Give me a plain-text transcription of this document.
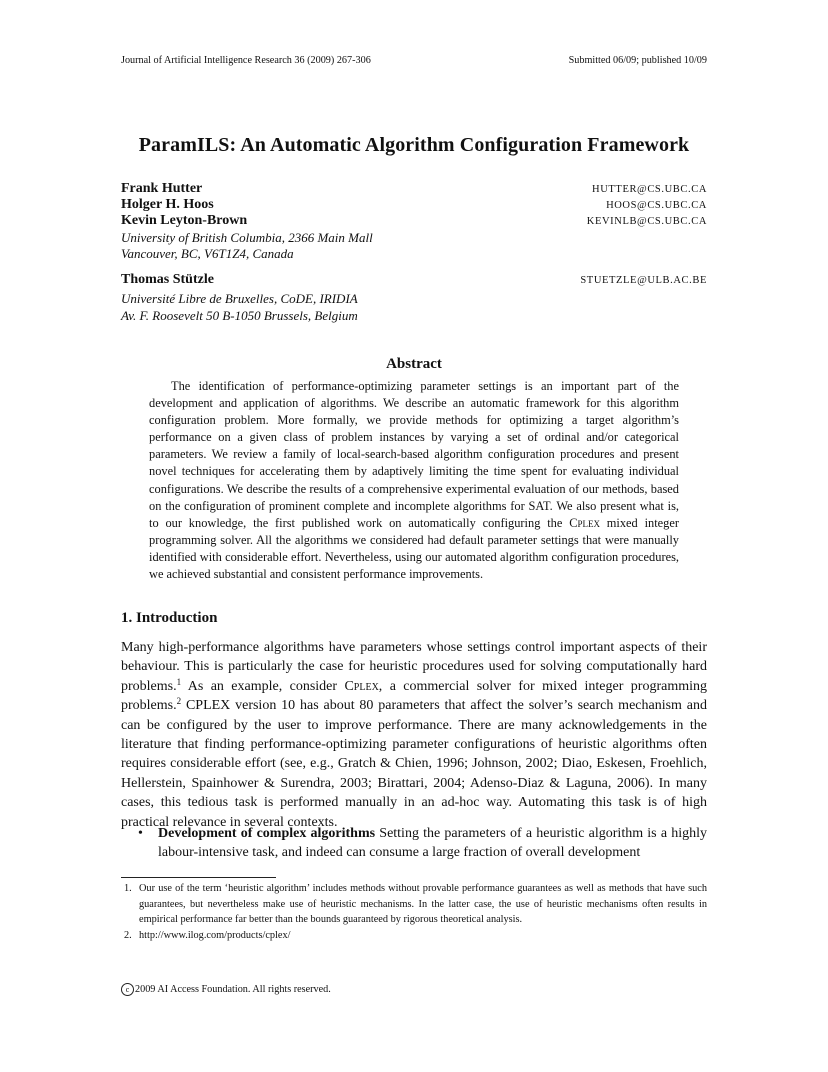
Journal of Artificial Intelligence Research 36 (2009) 267-306	Submitted 06/09; published 10/09
ParamILS: An Automatic Algorithm Configuration Framework
Frank Hutter	HUTTER@CS.UBC.CA
Holger H. Hoos	HOOS@CS.UBC.CA
Kevin Leyton-Brown	KEVINLB@CS.UBC.CA
University of British Columbia, 2366 Main Mall
Vancouver, BC, V6T1Z4, Canada
Thomas Stützle	STUETZLE@ULB.AC.BE
Université Libre de Bruxelles, CoDE, IRIDIA
Av. F. Roosevelt 50 B-1050 Brussels, Belgium
Abstract

The identification of performance-optimizing parameter settings is an important part of the development and application of algorithms. We describe an automatic framework for this algorithm configuration problem. More formally, we provide methods for optimizing a target algorithm’s performance on a given class of problem instances by varying a set of ordinal and/or categorical parameters. We review a family of local-search-based algorithm configuration procedures and present novel techniques for accelerating them by adaptively limiting the time spent for evaluating individual configurations. We describe the results of a comprehensive experimental evaluation of our methods, based on the configuration of prominent complete and incomplete algorithms for SAT. We also present what is, to our knowledge, the first published work on automatically configuring the Cplex mixed integer programming solver. All the algorithms we considered had default parameter settings that were manually identified with considerable effort. Nevertheless, using our automated algorithm configuration procedures, we achieved substantial and consistent performance improvements.

1. Introduction

Many high-performance algorithms have parameters whose settings control important aspects of their behaviour. This is particularly the case for heuristic procedures used for solving computationally hard problems.$^1$ As an example, consider Cplex, a commercial solver for mixed integer programming problems.$^2$ CPLEX version 10 has about 80 parameters that affect the solver’s search mechanism and can be configured by the user to improve performance. There are many acknowledgements in the literature that finding performance-optimizing parameter configurations of heuristic algorithms often requires considerable effort (see, e.g., Gratch & Chien, 1996; Johnson, 2002; Diao, Eskesen, Froehlich, Hellerstein, Spainhower & Surendra, 2003; Birattari, 2004; Adenso-Diaz & Laguna, 2006). In many cases, this tedious task is performed manually in an ad-hoc way. Automating this task is of high practical relevance in several contexts.

• Development of complex algorithms Setting the parameters of a heuristic algorithm is a highly labour-intensive task, and indeed can consume a large fraction of overall development

1. Our use of the term ‘heuristic algorithm’ includes methods without provable performance guarantees as well as methods that have such guarantees, but nevertheless make use of heuristic mechanisms. In the latter case, the use of heuristic mechanisms often results in empirical performance far better than the bounds guaranteed by rigorous theoretical analysis.

2. http://www.ilog.com/products/cplex/

c 2009 AI Access Foundation. All rights reserved.
